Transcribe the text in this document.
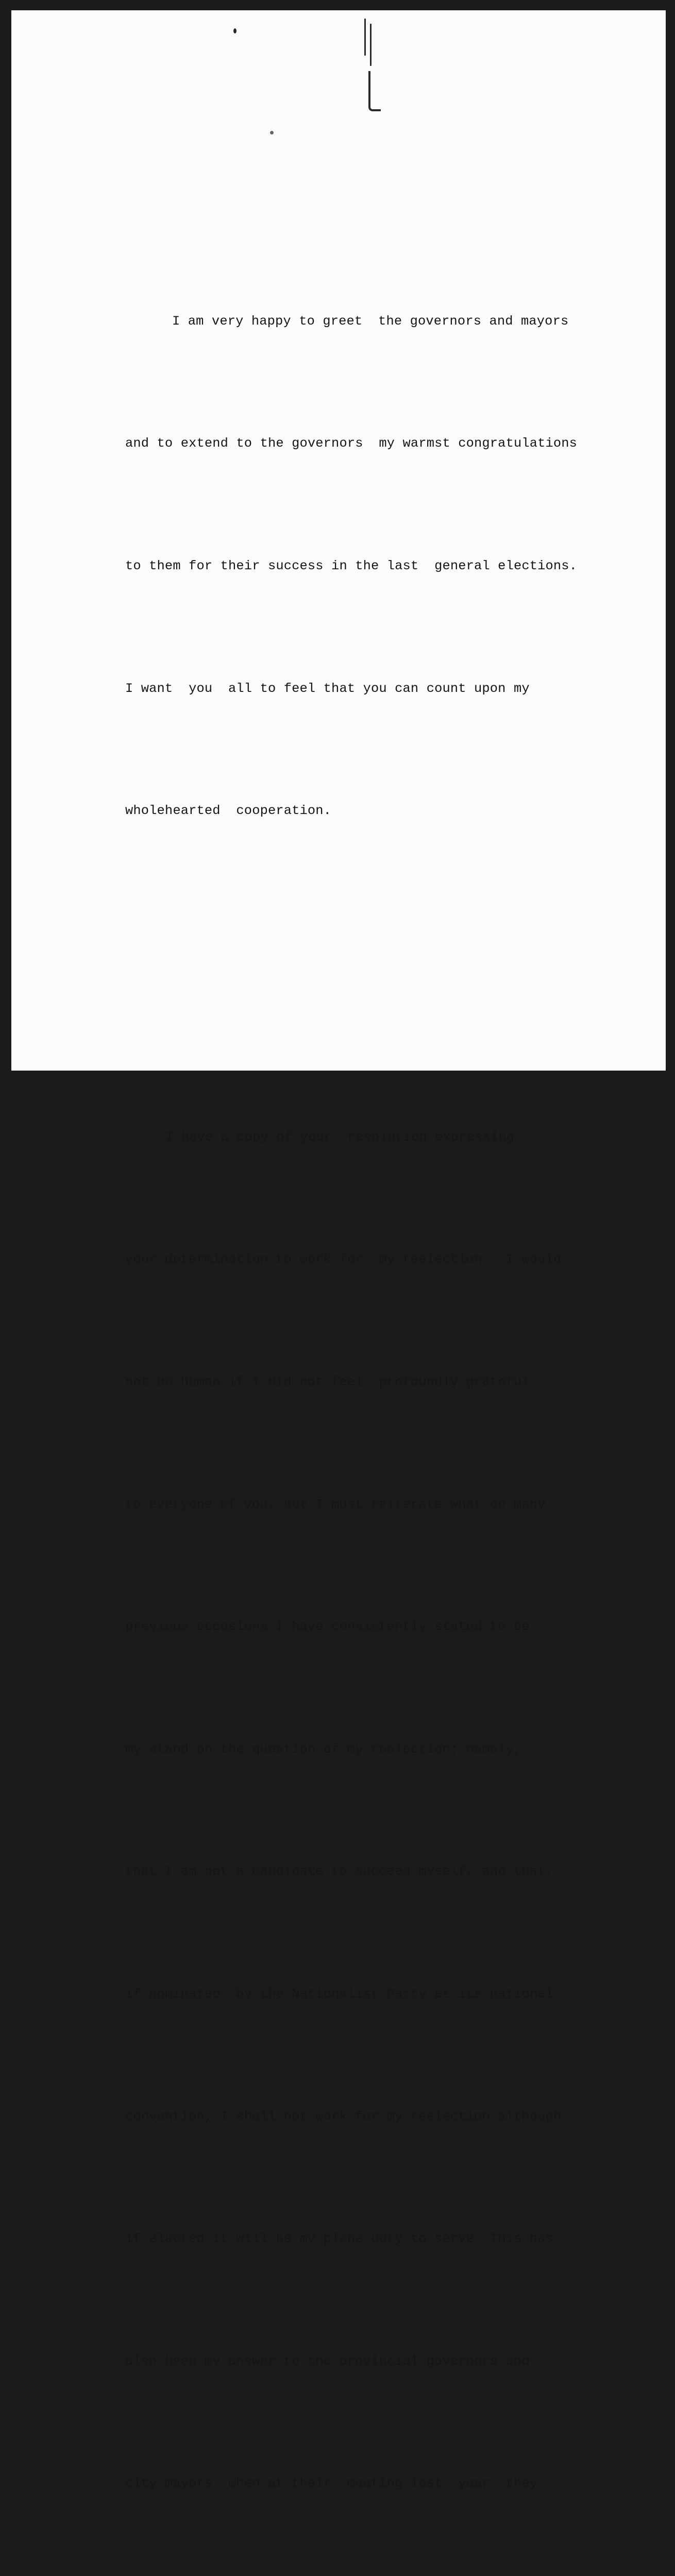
I am very happy to greet  the governors and mayors

and to extend to the governors  my warmst congratulations

to them for their success in the last  general elections.

I want  you  all to feel that you can count upon my

wholehearted  cooperation.

I have a copy of your  resolution expressing

your determination to work for  my reelection.  I would

not be human if I did not feel  profoundly grateful

to everyone of you, but I must reiterate what on many

previous occasions I have consistently stated to be

my stand on the question of my reelection; namely,

that I am not a candidate to succeed myself, and that,

if nominated  by the Nationalist Party at its national

convention, I shall not work for my reelection although

if elected it will be my plane duty to serve. This has

also been my answer to the provincial governors and

city mayors  when at their  meeting last  year  they
